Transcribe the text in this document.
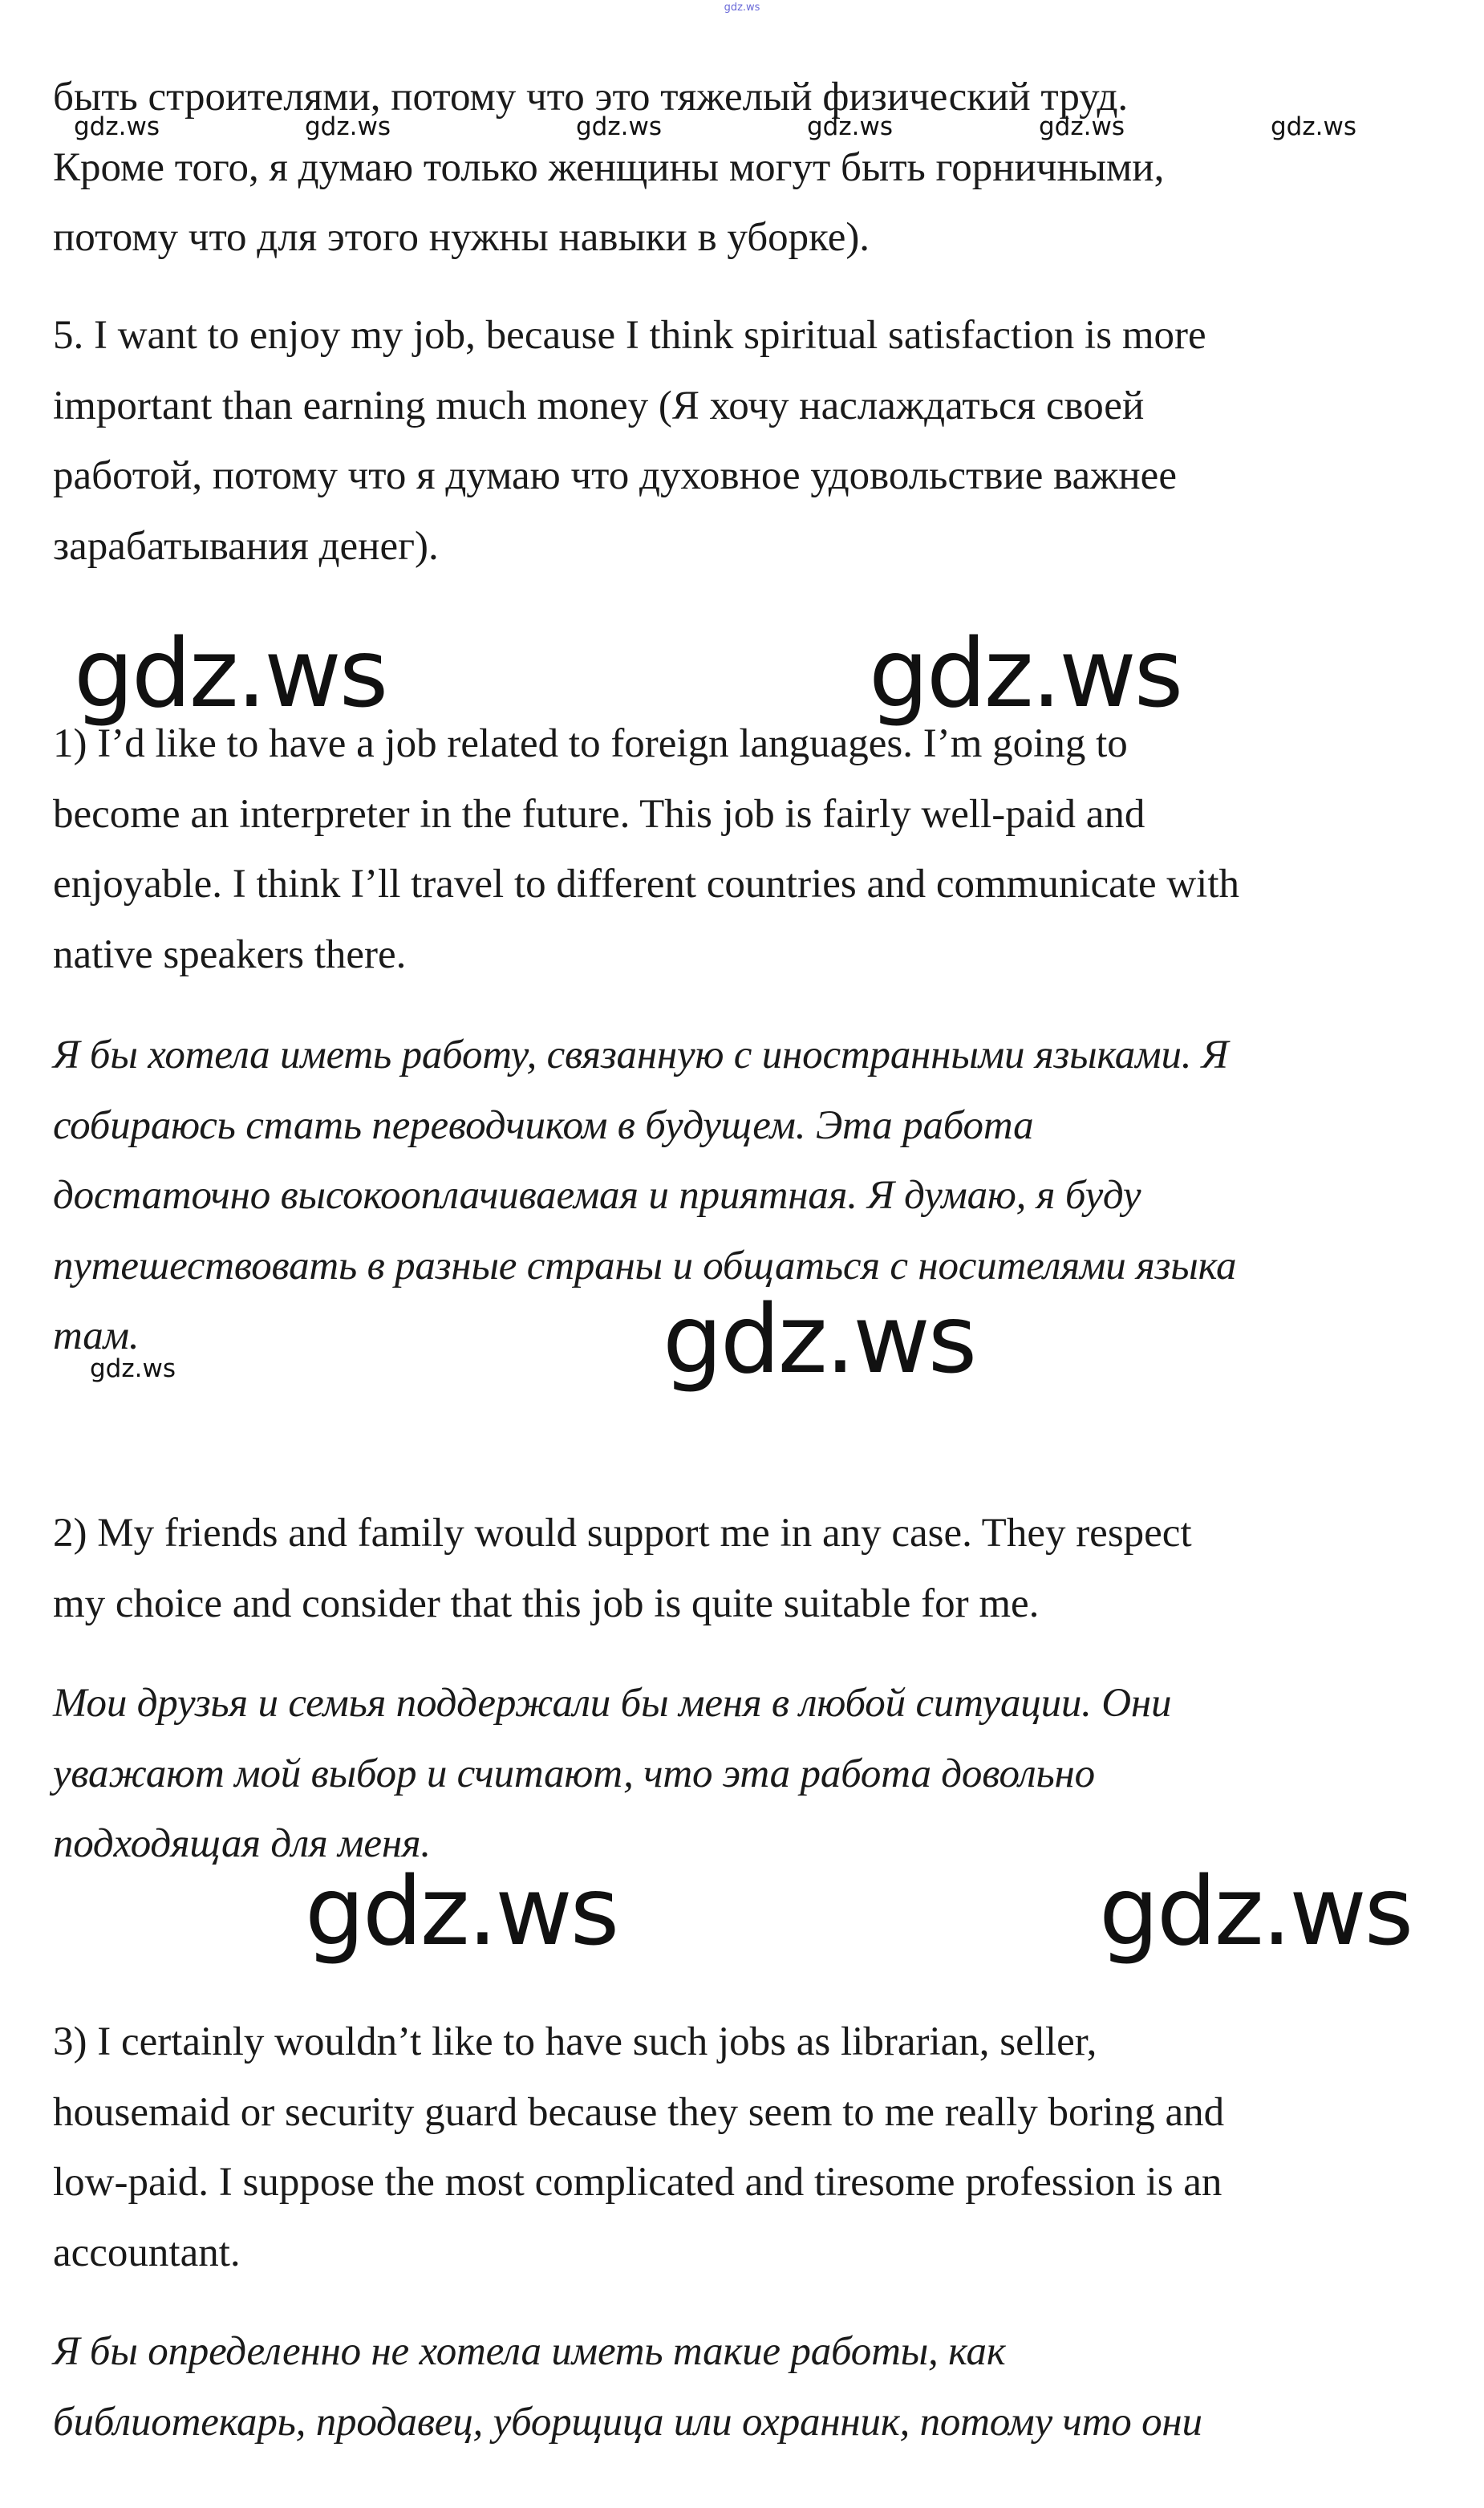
gdz.ws

быть строителями, потому что это тяжелый физический труд.
Кроме того, я думаю только женщины могут быть горничными,
потому что для этого нужны навыки в уборке).

gdz.ws	gdz.ws	gdz.ws	gdz.ws	gdz.ws	gdz.ws

5. I want to enjoy my job, because I think spiritual satisfaction is more
important than earning much money (Я хочу наслаждаться своей
работой, потому что я думаю что духовное удовольствие важнее
зарабатывания денег).

gdz.ws	gdz.ws

1) I’d like to have a job related to foreign languages. I’m going to
become an interpreter in the future. This job is fairly well-paid and
enjoyable. I think I’ll travel to different countries and communicate with
native speakers there.

Я бы хотела иметь работу, связанную с иностранными языками. Я
собираюсь стать переводчиком в будущем. Эта работа
достаточно высокооплачиваемая и приятная. Я думаю, я буду
путешествовать в разные страны и общаться с носителями языка
там.	gdz.ws
gdz.ws

2) My friends and family would support me in any case. They respect
my choice and consider that this job is quite suitable for me.

Мои друзья и семья поддержали бы меня в любой ситуации. Они
уважают мой выбор и считают, что эта работа довольно
подходящая для меня.

gdz.ws	gdz.ws

3) I certainly wouldn’t like to have such jobs as librarian, seller,
housemaid or security guard because they seem to me really boring and
low-paid. I suppose the most complicated and tiresome profession is an
accountant.

Я бы определенно не хотела иметь такие работы, как
библиотекарь, продавец, уборщица или охранник, потому что они
